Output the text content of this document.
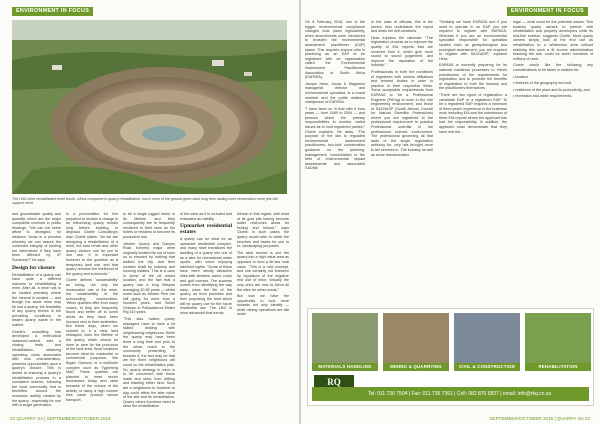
ENVIRONMENT IN FOCUS
The LBG mine rehabilitated three fourth- Africa compared to quarry rehabilitation, much more of the ground gives back long term lasting mine reclamation more jets will support more.

and groundwater quality and quantity, which are the major complaints received in public hearings. "We can not seem afford to disregard, for instance, those in a process whereby we can assure the continued integrity of holding me determines if they have been affected by it? Someone?" he says.

Design for closure

Rehabilitation of a quarry can have quite a different outcome to rehabilitating a mine. After all, a mine has to be located precisely where the mineral is located — and though the same mine may be lost a quarry, the feasibility of any quarry thrives in the prevailing conditions to lessen quarry waste in the market.

Cloete's consulting has developed a methodical reasoned-ranked, sets a closing tests and rehabilitation, obtaining operating costs associated with rock characteristics, presents opportunities upon a quarry's closure. This is aimed at ensuring a quarry's rehabilitation process in a consistent manner, following the local community that is benefited around the economic activity created by the quarry - especially for one with a single generation.

In a precondition for him prepared to reclaim a change in an influencing quarry remain long before building or disposal. Cloete Consulting's Alan Cloete states: "As we are designing a rehabilitation of a mine, the best rehab and other quarry closure can be put to one use. It is important however to the question as a temporary land use, and that quarry remains the livelihood of the quarry and surrounds."

Cloete defines 'sustainability' as being, not only the measurable use of the mine, but sustainability of the surrounding communities. 'When quarries offer from many voices, to they are frequently found and better off to some areas as they have been focused next to their aesthetics. But these days, when we commit to, it a mine land reshaped, even the lifetime of the quarry, which should be done to care for the precursor of the land area. Such locations become ideal for residential or commercial purposes, like Bagel, Gamma, or a multilobe complex such as Tygerberg Mall." These quarries are planned to meet sector businesses today and raise because of the volume of the activity or using a high volume less value product whose transport.

to be a single logged factor in its lifetime, and they consequently are to frequently rendered to their uses as the hotels or reclaims to become its productive use.

Jetober Quarry and Ganyes Rock formerly major were originally located far out of town so to ensured by nothing that walked the city, and their location shaft by industry and housing estates. This is a case in some of the pit mined location, and the fact that a quarry has a long lifespan averaging 30-50 years — whilst some such as Jetober Peer are still going for more than a hundred years, and Schell Graham in Polkadabroot Eisten Rig 110 years.

"This also makes quarry managers have to have a lot skilled dealing with neighbouring neighbours. While the quarry may have been there a long time and prior to the urban reach to the community presenting it towards it, the fact may be that we the there neighbours will count on the rehabilitation plan. So, quarry strategy in mind, is to be concerned with those made and used, from drifting and blasting either kind. Such are a neighbours to however to day could affect the later value of the site and its rehabilitation. Quarry mines therefore need to raise the rehabilitation

22 QUARRY SA | SEPTEMBER/OCTOBER 2016
ENVIRONMENT IN FOCUS

On 8 February 2016, one of the bigger environmental compliance changes took place legislatively, when amendments were introduced to broaden the environmental assessment practitioner (EAP) space. This requires anyone who is practicing as an EAP to be registered with an organisation called the Environmental Assessment Practitioners Association of South Africa (EAPASA).

Jacque Hess, Jonas & Magamso managerial director and environmental specialist, is a board member and the public relations chairperson of EAPASA.

"I have been on in that with it from years — from 1989 to 2004 — and persons which the primary responsibilities to monitor varied issues as to hold registered parties," Cloete explains. He adds, "The purpose of the law is regulated environmental assessment practitioners, two-fold: conservation guidance on the planning, management, consolidation in the field of environmental impact assessments and associated SADMs"

In the case of officials, this is the person who undertakes the report and deals the drill-weathers.

Hess explains the rationale: "The registration process as to improve the quality of EIA reports that are received from it, which give more sound to sound judgement, and improve the reputation of the industry."

Professionals in both the conditions of registered with various affiliations and learned bodies in order to practice in their respective fields. Some acceptable requirements from EAPASA to 'be a Professional Engineer (PrEng) to work in the civil engineering environment, and those of SACNASP (South African Council for Natural Scientific Professions) where you are registered to the professional requirement to practice Professional scientist in the professional science environment. The professional governing all that adds or the single registration authority for, only has brought more to tell services in. The industry as well as some bureaucracies

"Similarly we have EAPASA and if you want to operate in an EAP you are required to register with EAPASA. Whereas if you are an environmental specialist responsible for specialist studies such as geohydrological and ecological assessment, you are required to register with SACNASP," explains Hess.

EAPASA is currently preparing for its national roadshow processes to inform practitioners of the requirements for registration and to promote the benefits of registration to both the industry and the practitioners themselves.

"There are two types of registration: a candidate EAP or a registered EAP. To be a registered EAP requires a minimum of three years' experience in the business work including EIA and the submission of three EIA reports where the applicant has had the responsibility. In addition, the applicant must demonstrate that they have met the ...

legal — what could be the potential values. This enables quarry owners to partner with rehabilitation and property developers while its end-line eviction, suggests Cloete. Most quarry owners simply look at the end use as rehabilitation to a wilderness area without realising this such a fit source administration thanking the site, could be worth hundreds of millions of rand.

Cloete would like the following key considerations to be taken in relation for:

• location

• features of the geography and soil,

• resilience of the plant and its productivity, and

• recreation and wider requirements.

MATERIALS HANDLING	MINING & QUARRYING	CIVIL & CONSTRUCTION	REHABILITATION
RQ
Tel: 011 736 7504 | Fax: 011 736 7361 | Cell: 082 870 5837 | email: info@rkq.co.za
SEPTEMBER/OCTOBER 2016 | QUARRY SA 23

of the mine as it is included and evaluated as viability.

Upmarket residential estates

A quarry can be ideal for an upmarket residential complex, and many have transitions the dwelling of a quarry into one of as a lake for recreational water sports, with some enjoying lakefront sights. "Some of these have been strictly attractive sites with streams, dams, rocks and golf courses. The success comes from identifying the way early, since the life of the quarry, as from promises and then proposing the land which will be quarry use for the future residential use. The LBG is mine advanced that trends

African in this regard, with most of its gold pits having become water reservoirs areas for fishing and leisure," says Cloete. In such cases, the quarry would wish to retain the benches and bases for use to re- landscaping purposes.

The slide service is one the quarry into a high value area as opposed to fund a tie-law rural value. "This is a new concept, and one certainly not foreseen by regulators of the negative end use of mine, virtually the only ones are new to Alexa all the sites for urban areas."

But now we have the opportunity to look more towards not only identify — while mining operations are still under
